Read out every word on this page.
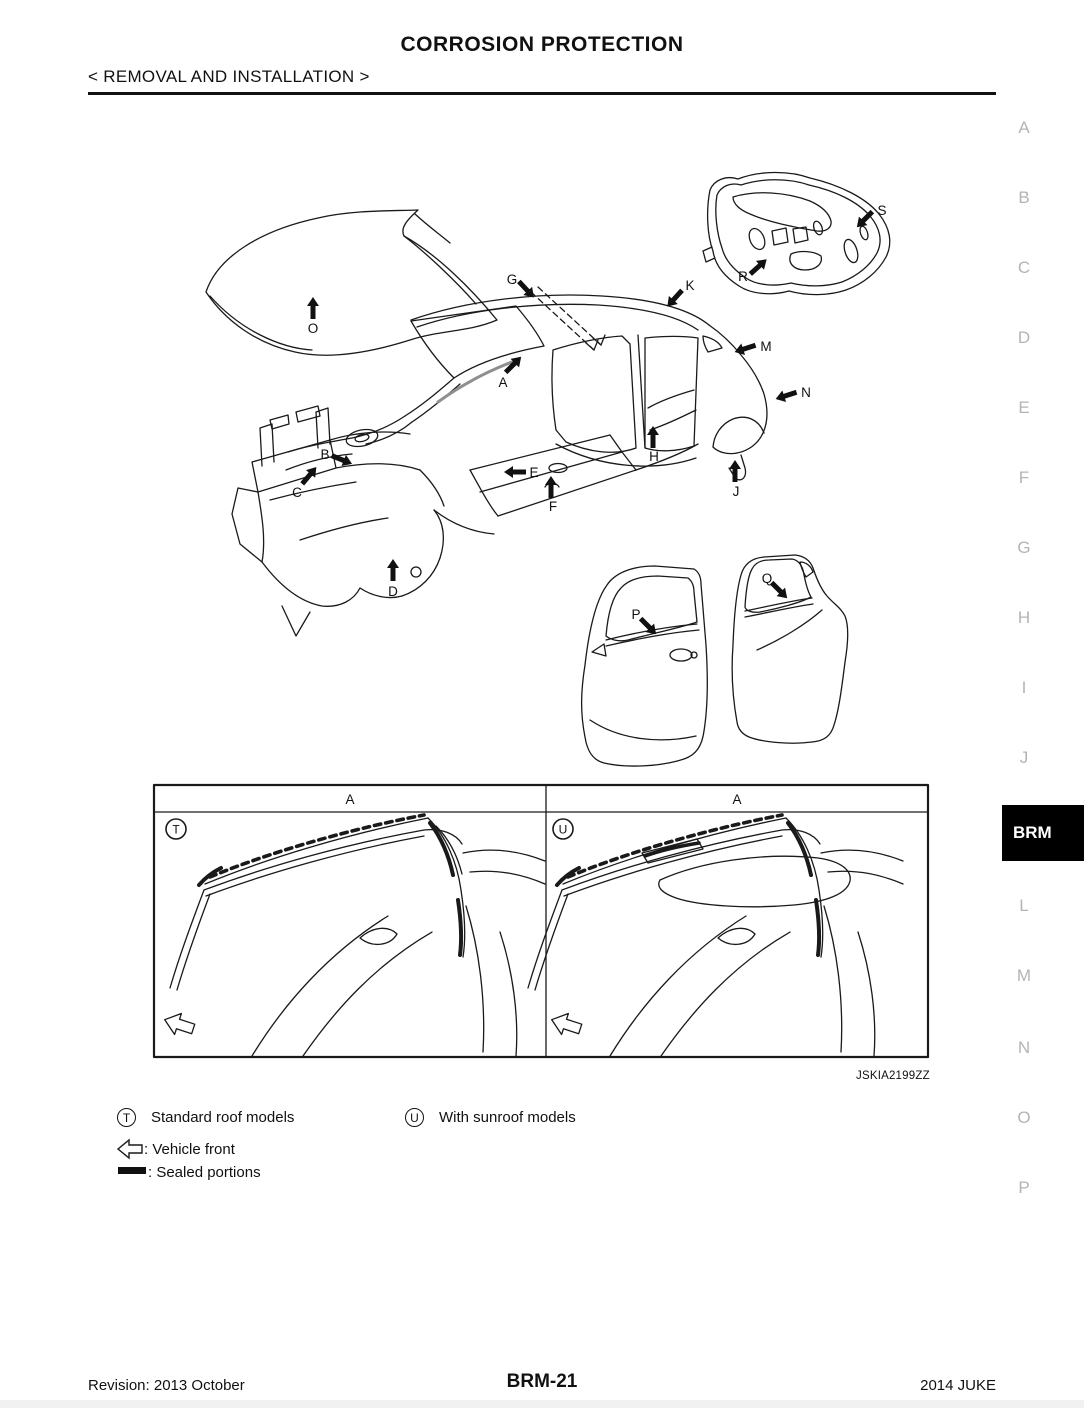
CORROSION PROTECTION
< REMOVAL AND INSTALLATION >
A
B
C
D
E
F
G
H
I
J
BRM
L
M
N
O
P
A
B
C
D
E
F
G
H
J
K
M
N
O
P
Q
R
S
A	A
T	U
JSKIA2199ZZ
T	Standard roof models	U	With sunroof models
: Vehicle front
: Sealed portions
Revision: 2013 October	BRM-21	2014 JUKE
